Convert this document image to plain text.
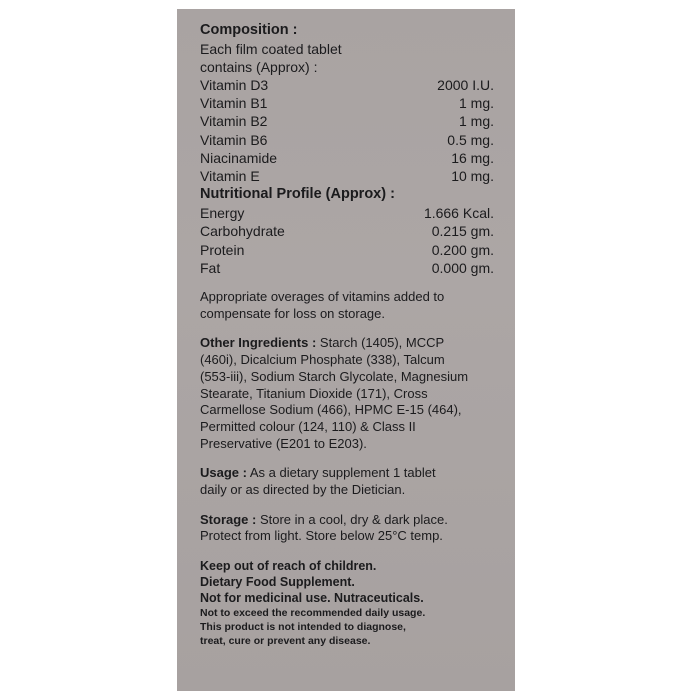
Composition :
Each film coated tablet
contains (Approx) :
Vitamin D3	2000 I.U.
Vitamin B1	1 mg.
Vitamin B2	1 mg.
Vitamin B6	0.5 mg.
Niacinamide	16 mg.
Vitamin E	10 mg.
Nutritional Profile (Approx) :
Energy	1.666 Kcal.
Carbohydrate	0.215 gm.
Protein	0.200 gm.
Fat	0.000 gm.
Appropriate overages of vitamins added to
compensate for loss on storage.
Other Ingredients : Starch (1405), MCCP
(460i), Dicalcium Phosphate (338), Talcum
(553-iii), Sodium Starch Glycolate, Magnesium
Stearate, Titanium Dioxide (171), Cross
Carmellose Sodium (466), HPMC E-15 (464),
Permitted colour (124, 110) & Class II
Preservative (E201 to E203).
Usage : As a dietary supplement 1 tablet
daily or as directed by the Dietician.
Storage : Store in a cool, dry & dark place.
Protect from light. Store below 25°C temp.
Keep out of reach of children.
Dietary Food Supplement.
Not for medicinal use. Nutraceuticals.
Not to exceed the recommended daily usage.
This product is not intended to diagnose,
treat, cure or prevent any disease.
